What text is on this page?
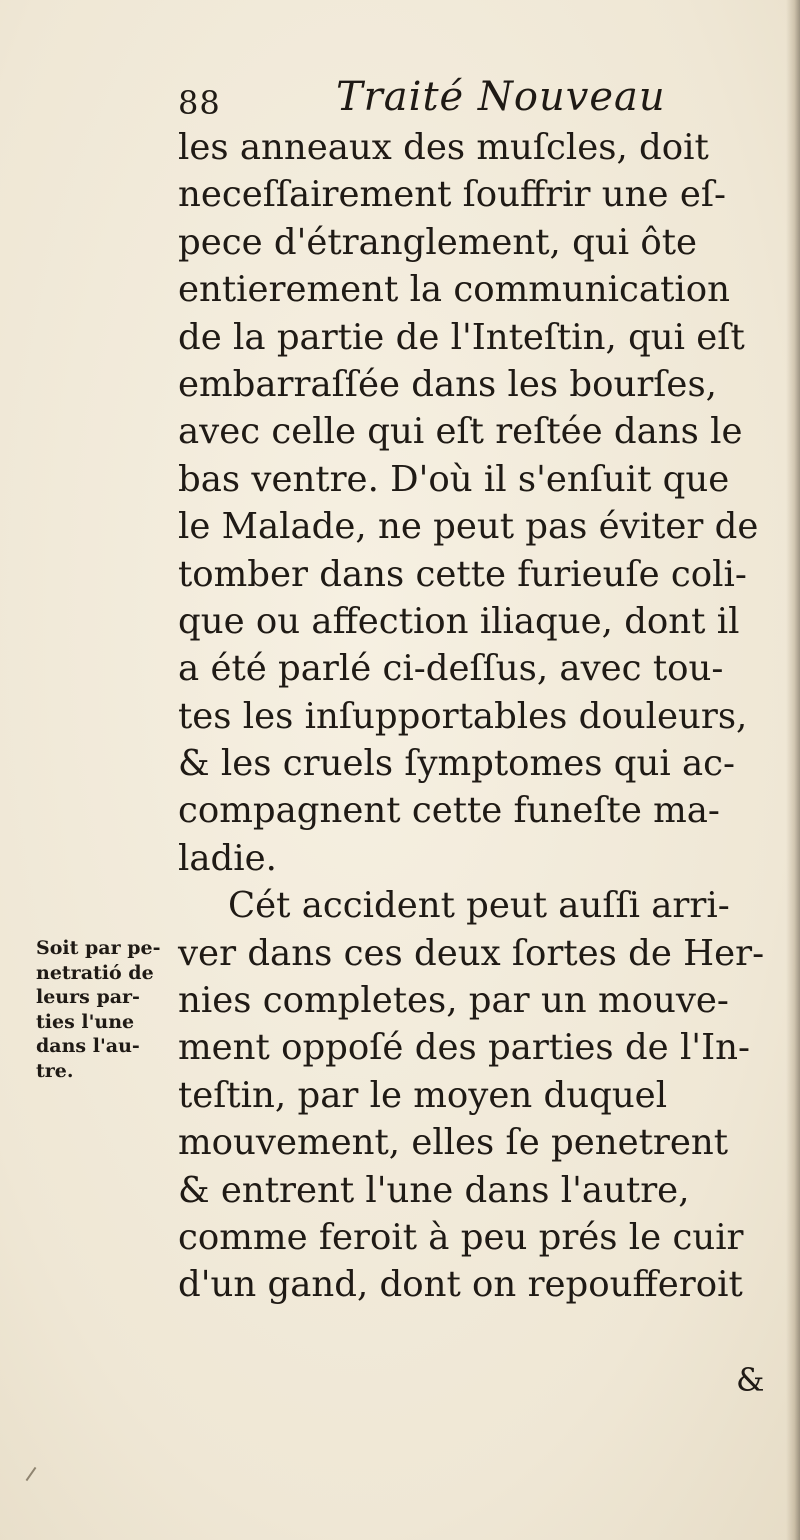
88	Traité Nouveau
les anneaux des muſcles, doit
neceſſairement ſouffrir une eſ-
pece d'étranglement, qui ôte
entierement la communication
de la partie de l'Inteſtin, qui eſt
embarraſſée dans les bourſes,
avec celle qui eſt reſtée dans le
bas ventre. D'où il s'enſuit que
le Malade, ne peut pas éviter de
tomber dans cette furieuſe coli-
que ou affection iliaque, dont il
a été parlé ci-deſſus, avec tou-
tes les inſupportables douleurs,
& les cruels ſymptomes qui ac-
compagnent cette funeſte ma-
ladie.
Cét accident peut auſſi arri-
ver dans ces deux ſortes de Her-
nies completes, par un mouve-
ment oppoſé des parties de l'In-
teſtin, par le moyen duquel
mouvement, elles ſe penetrent
& entrent l'une dans l'autre,
comme feroit à peu prés le cuir
d'un gand, dont on repoufferoit
Soit par pe-
netratió de
leurs par-
ties l'une
dans l'au-
tre.
&
